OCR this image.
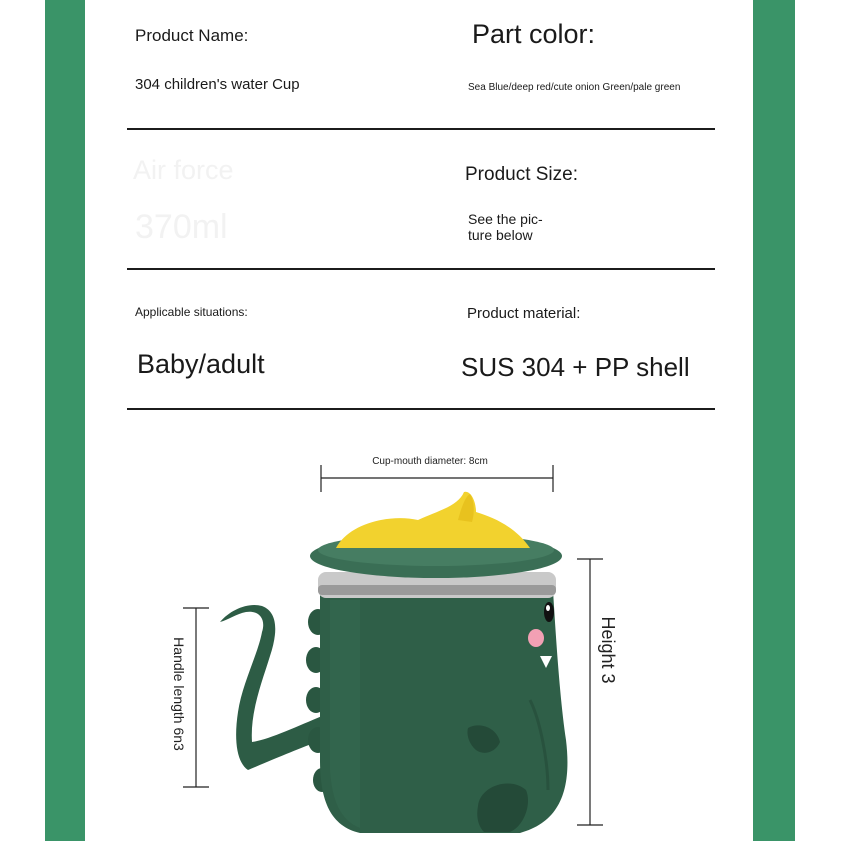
Product Name:
304 children's water Cup
Part color:
Sea Blue/deep red/cute onion Green/pale green
Air force
370ml
Product Size:
See the pic-
ture below
Applicable situations:
Baby/adult
Product material:
SUS 304 + PP shell
Cup-mouth diameter: 8cm
Height 3
Handle length 6n3
